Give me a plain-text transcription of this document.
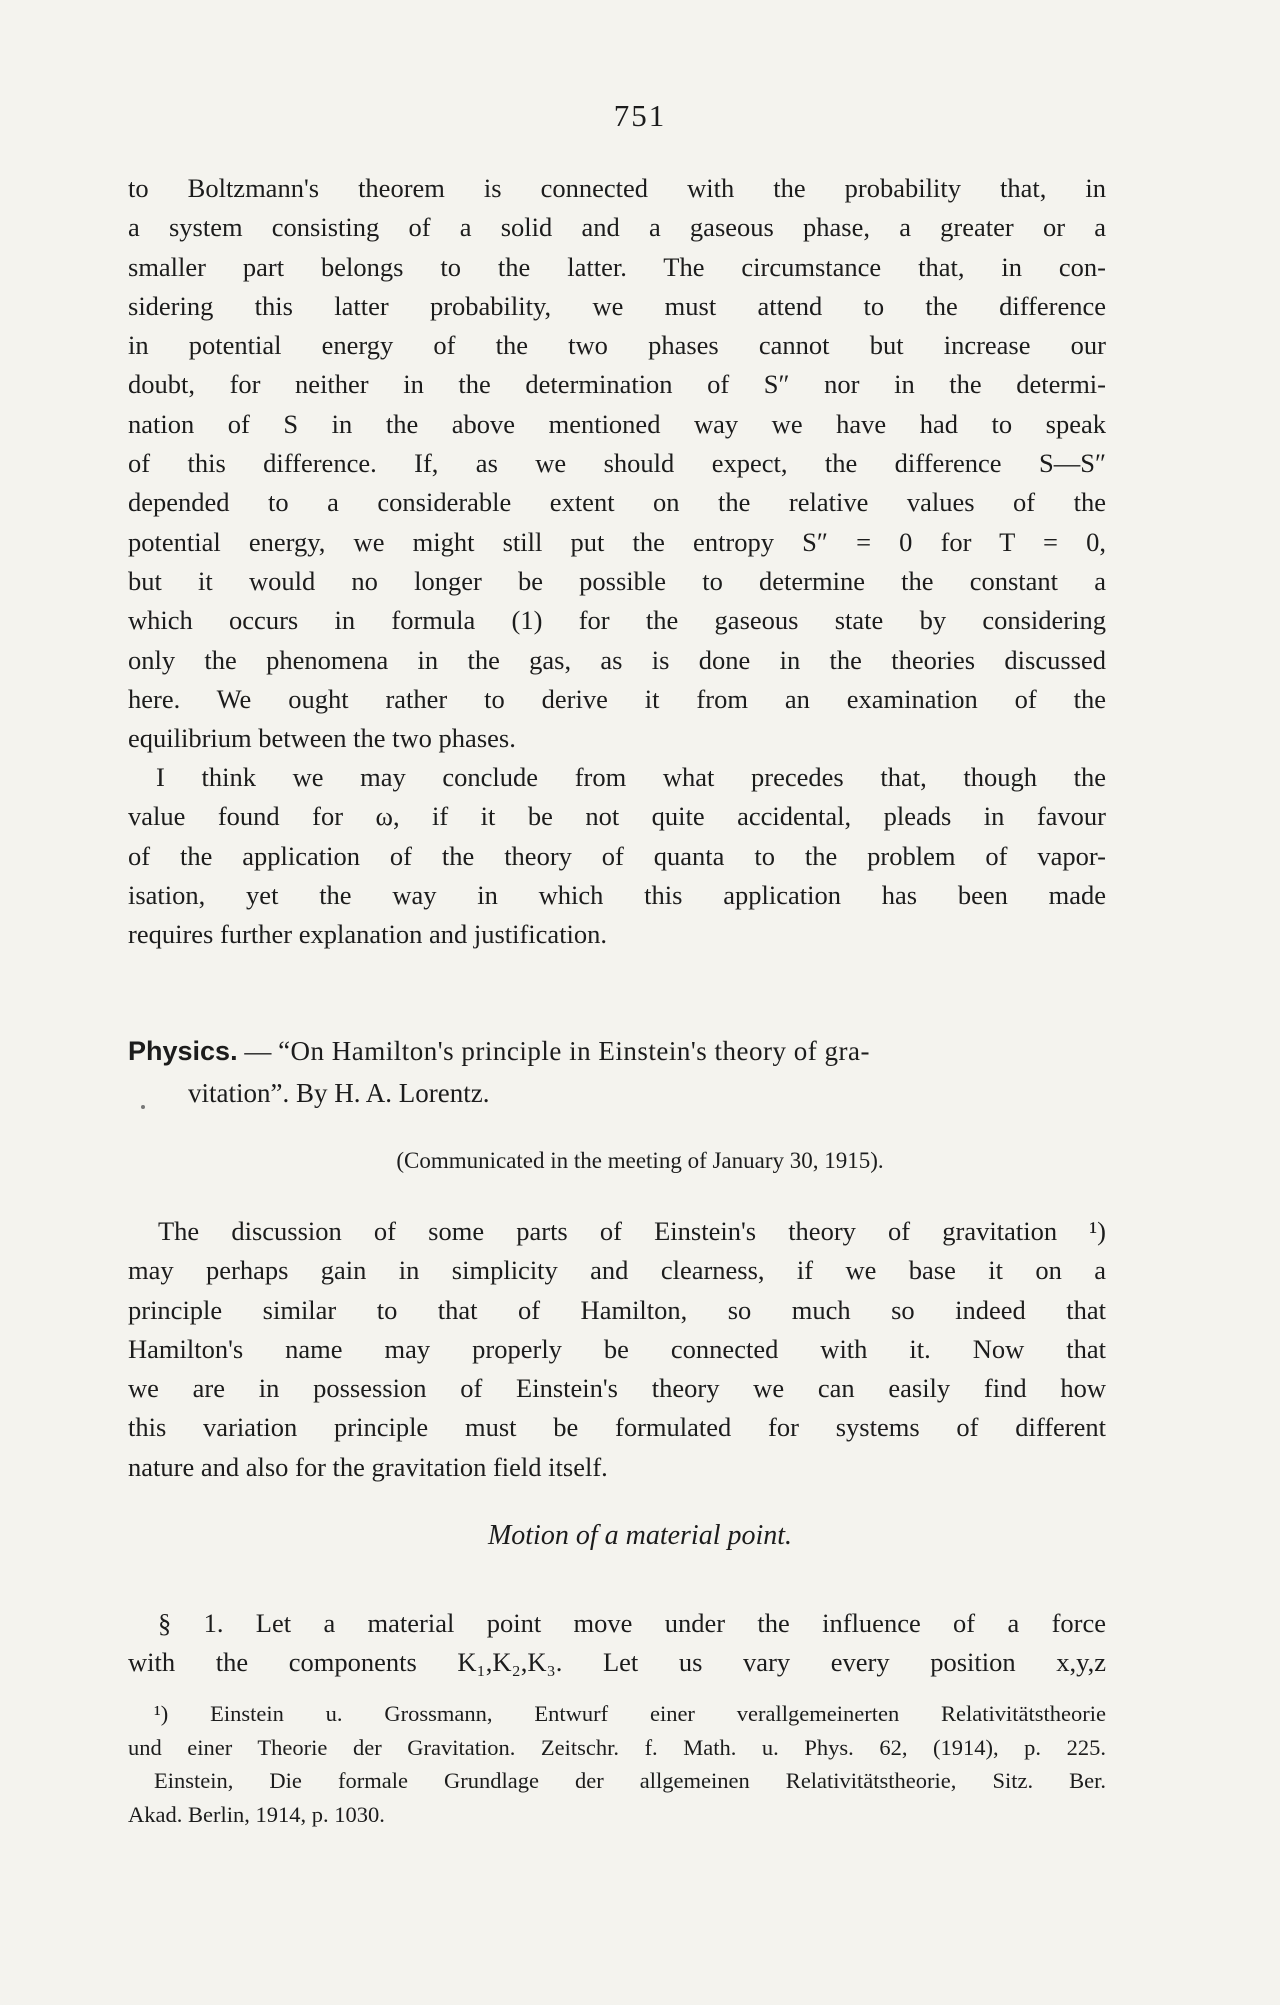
751
to Boltzmann's theorem is connected with the probability that, in
a system consisting of a solid and a gaseous phase, a greater or a
smaller part belongs to the latter. The circumstance that, in con-
sidering this latter probability, we must attend to the difference
in potential energy of the two phases cannot but increase our
doubt, for neither in the determination of S″ nor in the determi-
nation of S in the above mentioned way we have had to speak
of this difference. If, as we should expect, the difference S—S″
depended to a considerable extent on the relative values of the
potential energy, we might still put the entropy S″ = 0 for T = 0,
but it would no longer be possible to determine the constant a
which occurs in formula (1) for the gaseous state by considering
only the phenomena in the gas, as is done in the theories discussed
here. We ought rather to derive it from an examination of the
equilibrium between the two phases.
I think we may conclude from what precedes that, though the
value found for ω, if it be not quite accidental, pleads in favour
of the application of the theory of quanta to the problem of vapor-
isation, yet the way in which this application has been made
requires further explanation and justification.
Physics. — “On Hamilton's principle in Einstein's theory of gra-
vitation”. By H. A. Lorentz.
(Communicated in the meeting of January 30, 1915).
The discussion of some parts of Einstein's theory of gravitation ¹)
may perhaps gain in simplicity and clearness, if we base it on a
principle similar to that of Hamilton, so much so indeed that
Hamilton's name may properly be connected with it. Now that
we are in possession of Einstein's theory we can easily find how
this variation principle must be formulated for systems of different
nature and also for the gravitation field itself.
Motion of a material point.
§ 1. Let a material point move under the influence of a force
with the components K₁,K₂,K₃. Let us vary every position x,y,z
¹) Einstein u. Grossmann, Entwurf einer verallgemeinerten Relativitätstheorie
und einer Theorie der Gravitation. Zeitschr. f. Math. u. Phys. 62, (1914), p. 225.
Einstein, Die formale Grundlage der allgemeinen Relativitätstheorie, Sitz. Ber.
Akad. Berlin, 1914, p. 1030.
